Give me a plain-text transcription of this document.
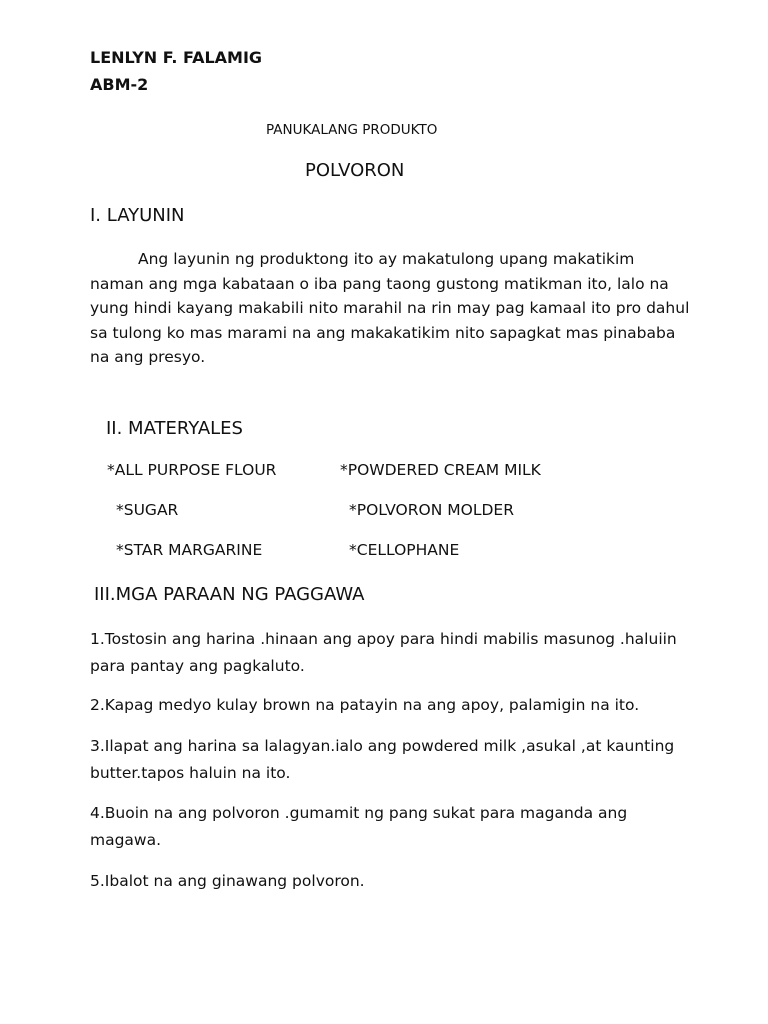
LENLYN F. FALAMIG
ABM-2
PANUKALANG PRODUKTO
POLVORON
I. LAYUNIN
Ang layunin ng produktong ito ay makatulong upang makatikim
naman ang mga kabataan o iba pang taong gustong matikman ito, lalo na
yung hindi kayang makabili nito marahil na rin may pag kamaal ito pro dahul
sa tulong ko mas marami na ang makakatikim nito sapagkat mas pinababa
na ang presyo.
II. MATERYALES
*ALL PURPOSE FLOUR	*POWDERED CREAM MILK
*SUGAR	*POLVORON MOLDER
*STAR MARGARINE	*CELLOPHANE
III.MGA PARAAN NG PAGGAWA
1.Tostosin ang harina .hinaan ang apoy para hindi mabilis masunog .haluiin
para pantay ang pagkaluto.
2.Kapag medyo kulay brown na patayin na ang apoy, palamigin na ito.
3.Ilapat ang harina sa lalagyan.ialo ang powdered milk ,asukal ,at kaunting
butter.tapos haluin na ito.
4.Buoin na ang polvoron .gumamit ng pang sukat para maganda ang
magawa.
5.Ibalot na ang ginawang polvoron.
